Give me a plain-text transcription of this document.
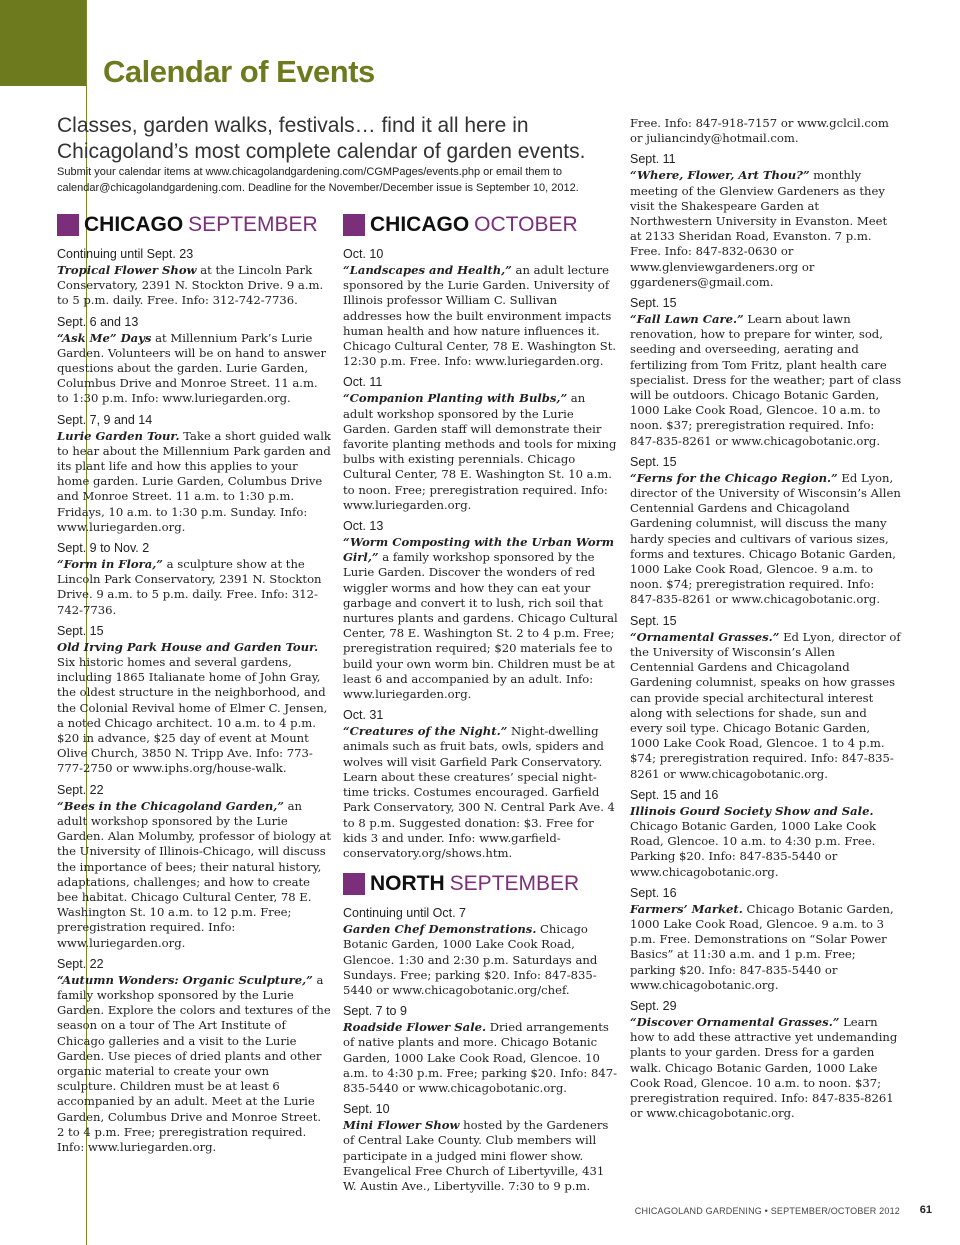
Calendar of Events
Classes, garden walks, festivals… find it all here in Chicagoland’s most complete calendar of garden events.
Submit your calendar items at www.chicagolandgardening.com/CGMPages/events.php or email them to calendar@chicagolandgardening.com. Deadline for the November/December issue is September 10, 2012.
CHICAGO SEPTEMBER
Continuing until Sept. 23
Tropical Flower Show at the Lincoln Park Conservatory, 2391 N. Stockton Drive. 9 a.m. to 5 p.m. daily. Free. Info: 312-742-7736.
Sept. 6 and 13
“Ask Me” Days at Millennium Park’s Lurie Garden. Volunteers will be on hand to answer questions about the garden. Lurie Garden, Columbus Drive and Monroe Street. 11 a.m. to 1:30 p.m. Info: www.luriegarden.org.
Sept. 7, 9 and 14
Lurie Garden Tour. Take a short guided walk to hear about the Millennium Park garden and its plant life and how this applies to your home garden. Lurie Garden, Columbus Drive and Monroe Street. 11 a.m. to 1:30 p.m. Fridays, 10 a.m. to 1:30 p.m. Sunday. Info: www.luriegarden.org.
Sept. 9 to Nov. 2
“Form in Flora,” a sculpture show at the Lincoln Park Conservatory, 2391 N. Stockton Drive. 9 a.m. to 5 p.m. daily. Free. Info: 312-742-7736.
Sept. 15
Old Irving Park House and Garden Tour. Six historic homes and several gardens, including 1865 Italianate home of John Gray, the oldest structure in the neighborhood, and the Colonial Revival home of Elmer C. Jensen, a noted Chicago architect. 10 a.m. to 4 p.m. $20 in advance, $25 day of event at Mount Olive Church, 3850 N. Tripp Ave. Info: 773-777-2750 or www.iphs.org/house-walk.
Sept. 22
“Bees in the Chicagoland Garden,” an adult workshop sponsored by the Lurie Garden. Alan Molumby, professor of biology at the University of Illinois-Chicago, will discuss the importance of bees; their natural history, adaptations, challenges; and how to create bee habitat. Chicago Cultural Center, 78 E. Washington St. 10 a.m. to 12 p.m. Free; preregistration required. Info: www.luriegarden.org.
Sept. 22
“Autumn Wonders: Organic Sculpture,” a family workshop sponsored by the Lurie Garden. Explore the colors and textures of the season on a tour of The Art Institute of Chicago galleries and a visit to the Lurie Garden. Use pieces of dried plants and other organic material to create your own sculpture. Children must be at least 6 accompanied by an adult. Meet at the Lurie Garden, Columbus Drive and Monroe Street. 2 to 4 p.m. Free; preregistration required. Info: www.luriegarden.org.
CHICAGO OCTOBER
Oct. 10
“Landscapes and Health,” an adult lecture sponsored by the Lurie Garden. University of Illinois professor William C. Sullivan addresses how the built environment impacts human health and how nature influences it. Chicago Cultural Center, 78 E. Washington St. 12:30 p.m. Free. Info: www.luriegarden.org.
Oct. 11
“Companion Planting with Bulbs,” an adult workshop sponsored by the Lurie Garden. Garden staff will demonstrate their favorite planting methods and tools for mixing bulbs with existing perennials. Chicago Cultural Center, 78 E. Washington St. 10 a.m. to noon. Free; preregistration required. Info: www.luriegarden.org.
Oct. 13
“Worm Composting with the Urban Worm Girl,” a family workshop sponsored by the Lurie Garden. Discover the wonders of red wiggler worms and how they can eat your garbage and convert it to lush, rich soil that nurtures plants and gardens. Chicago Cultural Center, 78 E. Washington St. 2 to 4 p.m. Free; preregistration required; $20 materials fee to build your own worm bin. Children must be at least 6 and accompanied by an adult. Info: www.luriegarden.org.
Oct. 31
“Creatures of the Night.” Night-dwelling animals such as fruit bats, owls, spiders and wolves will visit Garfield Park Conservatory. Learn about these creatures’ special night-time tricks. Costumes encouraged. Garfield Park Conservatory, 300 N. Central Park Ave. 4 to 8 p.m. Suggested donation: $3. Free for kids 3 and under. Info: www.garfield-conservatory.org/shows.htm.
NORTH SEPTEMBER
Continuing until Oct. 7
Garden Chef Demonstrations. Chicago Botanic Garden, 1000 Lake Cook Road, Glencoe. 1:30 and 2:30 p.m. Saturdays and Sundays. Free; parking $20. Info: 847-835-5440 or www.chicagobotanic.org/chef.
Sept. 7 to 9
Roadside Flower Sale. Dried arrangements of native plants and more. Chicago Botanic Garden, 1000 Lake Cook Road, Glencoe. 10 a.m. to 4:30 p.m. Free; parking $20. Info: 847-835-5440 or www.chicagobotanic.org.
Sept. 10
Mini Flower Show hosted by the Gardeners of Central Lake County. Club members will participate in a judged mini flower show. Evangelical Free Church of Libertyville, 431 W. Austin Ave., Libertyville. 7:30 to 9 p.m.
Free. Info: 847-918-7157 or www.gclcil.com or juliancindy@hotmail.com.
Sept. 11
“Where, Flower, Art Thou?” monthly meeting of the Glenview Gardeners as they visit the Shakespeare Garden at Northwestern University in Evanston. Meet at 2133 Sheridan Road, Evanston. 7 p.m. Free. Info: 847-832-0630 or www.glenviewgardeners.org or ggardeners@gmail.com.
Sept. 15
“Fall Lawn Care.” Learn about lawn renovation, how to prepare for winter, sod, seeding and overseeding, aerating and fertilizing from Tom Fritz, plant health care specialist. Dress for the weather; part of class will be outdoors. Chicago Botanic Garden, 1000 Lake Cook Road, Glencoe. 10 a.m. to noon. $37; preregistration required. Info: 847-835-8261 or www.chicagobotanic.org.
Sept. 15
“Ferns for the Chicago Region.” Ed Lyon, director of the University of Wisconsin’s Allen Centennial Gardens and Chicagoland Gardening columnist, will discuss the many hardy species and cultivars of various sizes, forms and textures. Chicago Botanic Garden, 1000 Lake Cook Road, Glencoe. 9 a.m. to noon. $74; preregistration required. Info: 847-835-8261 or www.chicagobotanic.org.
Sept. 15
“Ornamental Grasses.” Ed Lyon, director of the University of Wisconsin’s Allen Centennial Gardens and Chicagoland Gardening columnist, speaks on how grasses can provide special architectural interest along with selections for shade, sun and every soil type. Chicago Botanic Garden, 1000 Lake Cook Road, Glencoe. 1 to 4 p.m. $74; preregistration required. Info: 847-835-8261 or www.chicagobotanic.org.
Sept. 15 and 16
Illinois Gourd Society Show and Sale. Chicago Botanic Garden, 1000 Lake Cook Road, Glencoe. 10 a.m. to 4:30 p.m. Free. Parking $20. Info: 847-835-5440 or www.chicagobotanic.org.
Sept. 16
Farmers’ Market. Chicago Botanic Garden, 1000 Lake Cook Road, Glencoe. 9 a.m. to 3 p.m. Free. Demonstrations on “Solar Power Basics” at 11:30 a.m. and 1 p.m. Free; parking $20. Info: 847-835-5440 or www.chicagobotanic.org.
Sept. 29
“Discover Ornamental Grasses.” Learn how to add these attractive yet undemanding plants to your garden. Dress for a garden walk. Chicago Botanic Garden, 1000 Lake Cook Road, Glencoe. 10 a.m. to noon. $37; preregistration required. Info: 847-835-8261 or www.chicagobotanic.org.
CHICAGOLAND GARDENING • SEPTEMBER/OCTOBER 2012 61
